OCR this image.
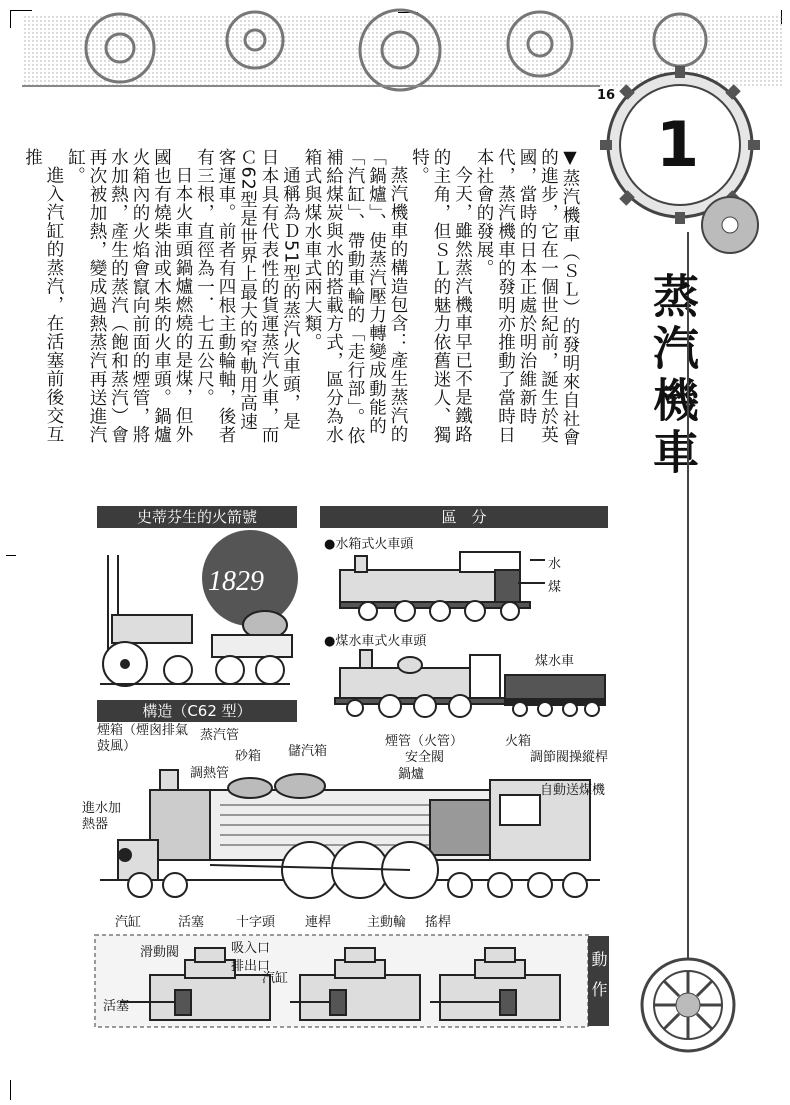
16
1
蒸汽機車

▼蒸汽機車（ＳＬ）的發明來自社會的進步，它在一個世紀前，誕生於英國，當時的日本正處於明治維新時代，蒸汽機車的發明亦推動了當時日本社會的發展。

今天，雖然蒸汽機車早已不是鐵路的主角，但ＳＬ的魅力依舊迷人、獨特。

蒸汽機車的構造包含：產生蒸汽的「鍋爐」、使蒸汽壓力轉變成動能的「汽缸」、帶動車輪的「走行部」。依補給煤炭與水的搭載方式，區分為水箱式與煤水車式兩大類。

通稱為Ｄ51型的蒸汽火車頭，是日本具有代表性的貨運蒸汽火車，而Ｃ62型是世界上最大的窄軌用高速客運車。前者有四根主動輪軸，後者有三根，直徑為一．七五公尺。

日本火車頭鍋爐燃燒的是煤，但外國也有燒柴油或木柴的火車頭。鍋爐火箱內的火焰會竄向前面的煙管，將水加熱，產生的蒸汽（飽和蒸汽）會再次被加熱，變成過熱蒸汽再送進汽缸。

進入汽缸的蒸汽，在活塞前後交互推

史蒂芬生的火箭號	區　分
構造（C62 型）
1829
●水箱式火車頭
水
煤
●煤水車式火車頭
煤水車
煙箱（煙囪排氣鼓風）
蒸汽管
砂箱 儲汽箱
調熱管
煙管（火管）
安全閥
鍋爐
火箱
調節閥操縱桿
自動送煤機
進水加熱器
汽缸	活塞 十字頭 連桿	主動輪 搖桿
滑動閥	吸入口
排出口
汽缸
活塞	動作
